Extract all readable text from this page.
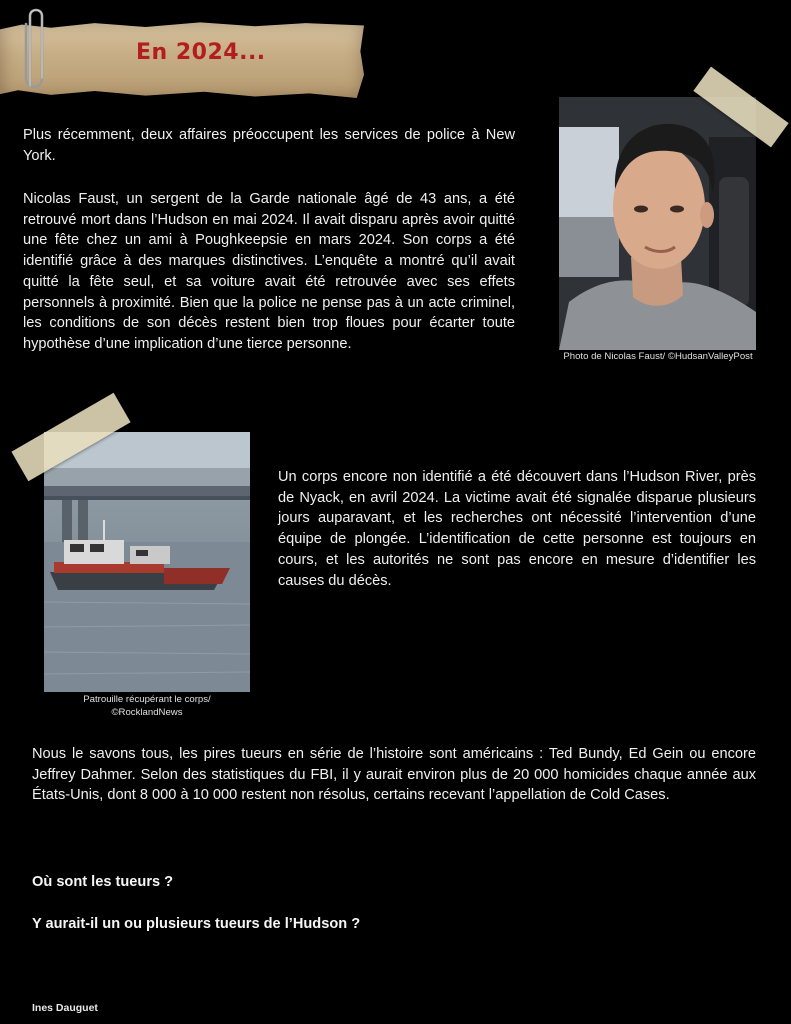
En 2024...
Plus récemment, deux affaires préoccupent les services de police à New York.
Nicolas Faust, un sergent de la Garde nationale âgé de 43 ans, a été retrouvé mort dans l’Hudson en mai 2024. Il avait disparu après avoir quitté une fête chez un ami à Poughkeepsie en mars 2024. Son corps a été identifié grâce à des marques distinctives. L’enquête a montré qu’il avait quitté la fête seul, et sa voiture avait été retrouvée avec ses effets personnels à proximité. Bien que la police ne pense pas à un acte criminel, les conditions de son décès restent bien trop floues pour écarter toute hypothèse d’une implication d’une tierce personne.
Photo de Nicolas Faust/ ©HudsanValleyPost
Patrouille récupérant le corps/
©RocklandNews
Un corps encore non identifié a été découvert dans l’Hudson River, près de Nyack, en avril 2024. La victime avait été signalée disparue plusieurs jours auparavant, et les recherches ont nécessité l’intervention d’une équipe de plongée. L’identification de cette personne est toujours en cours, et les autorités ne sont pas encore en mesure d’identifier les causes du décès.
Nous le savons tous, les pires tueurs en série de l’histoire sont américains : Ted Bundy, Ed Gein ou encore Jeffrey Dahmer. Selon des statistiques du FBI, il y aurait environ plus de 20 000 homicides chaque année aux États-Unis, dont 8 000 à 10 000 restent non résolus, certains recevant l’appellation de Cold Cases.
Où sont les tueurs ?
Y aurait-il un ou plusieurs tueurs de l’Hudson ?
Ines Dauguet
